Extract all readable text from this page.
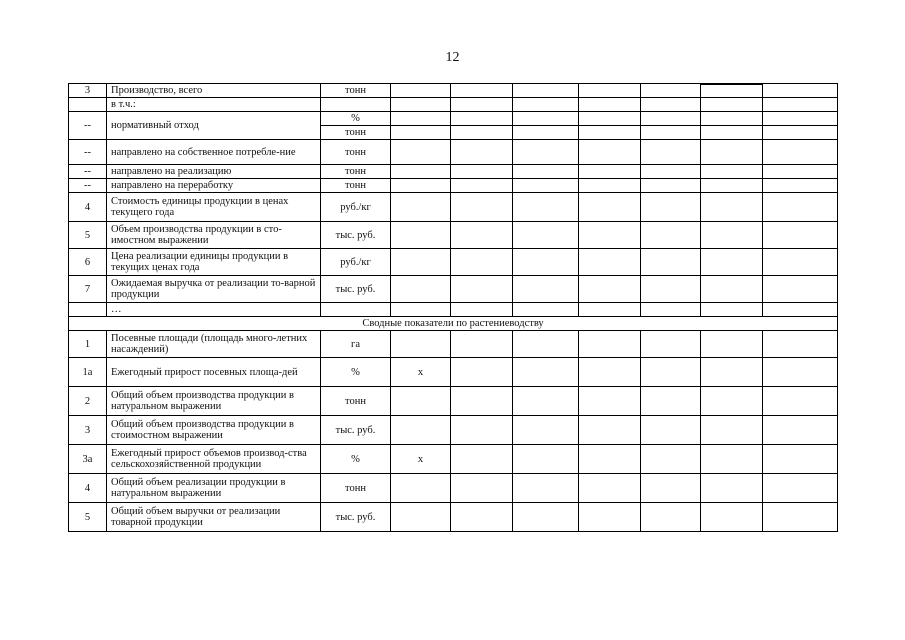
12
3	Производство, всего	тонн							
	в т.ч.:								
--	нормативный отход	%							
		тонн							
--	направлено на собственное потребле-ние	тонн							
--	направлено на реализацию	тонн							
--	направлено на переработку	тонн							
4	Стоимость единицы продукции в ценах текущего года	руб./кг							
5	Объем производства продукции в сто-имостном выражении	тыс. руб.							
6	Цена реализации единицы продукции в текущих ценах года	руб./кг							
7	Ожидаемая выручка от реализации то-варной продукции	тыс. руб.							
	…								
Сводные показатели по растениеводству									
1	Посевные площади (площадь много-летних насаждений)	га							
1а	Ежегодный прирост посевных площа-дей	%	х						
2	Общий объем производства продукции в натуральном выражении	тонн							
3	Общий объем производства продукции в стоимостном выражении	тыс. руб.							
3а	Ежегодный прирост объемов производ-ства сельскохозяйственной продукции	%	х						
4	Общий объем реализации продукции в натуральном выражении	тонн							
5	Общий объем выручки от реализации товарной продукции	тыс. руб.							
